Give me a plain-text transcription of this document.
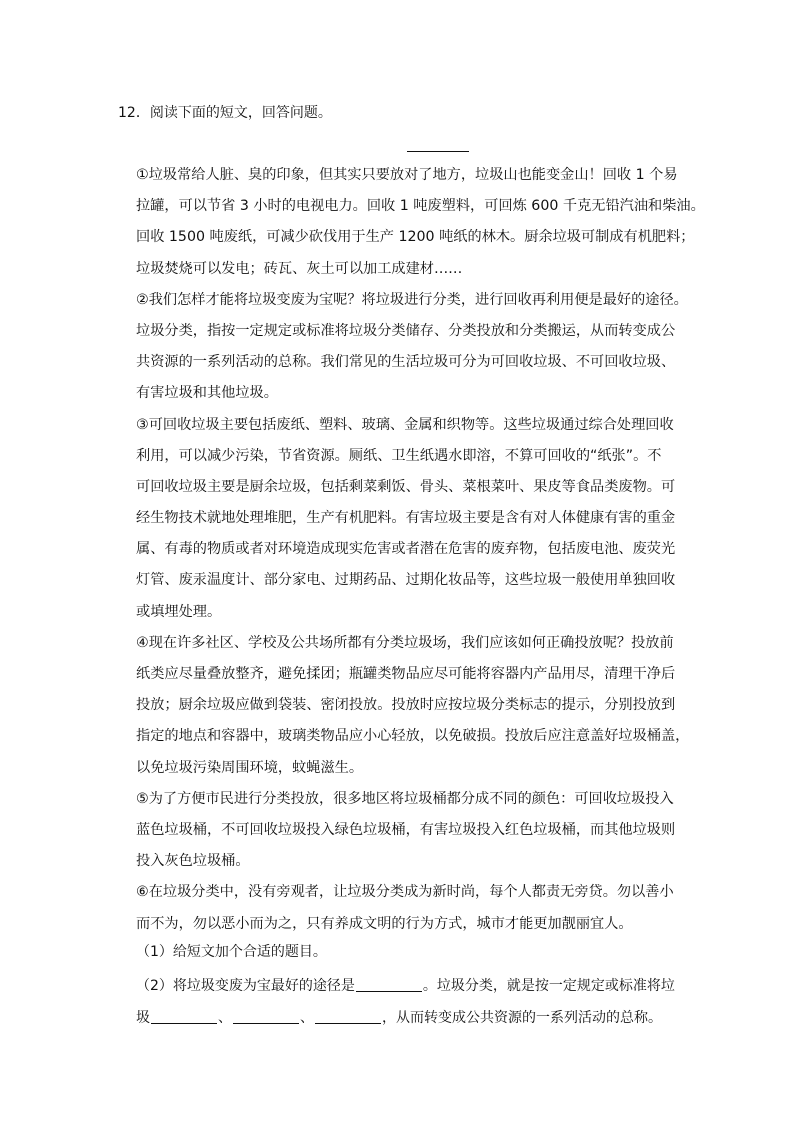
12．阅读下面的短文，回答问题。
①垃圾常给人脏、臭的印象，但其实只要放对了地方，垃圾山也能变金山！回收 1 个易
拉罐，可以节省 3 小时的电视电力。回收 1 吨废塑料，可回炼 600 千克无铅汽油和柴油。
回收 1500 吨废纸，可减少砍伐用于生产 1200 吨纸的林木。厨余垃圾可制成有机肥料；
垃圾焚烧可以发电；砖瓦、灰土可以加工成建材……
②我们怎样才能将垃圾变废为宝呢？将垃圾进行分类，进行回收再利用便是最好的途径。
垃圾分类，指按一定规定或标准将垃圾分类储存、分类投放和分类搬运，从而转变成公
共资源的一系列活动的总称。我们常见的生活垃圾可分为可回收垃圾、不可回收垃圾、
有害垃圾和其他垃圾。
③可回收垃圾主要包括废纸、塑料、玻璃、金属和织物等。这些垃圾通过综合处理回收
利用，可以减少污染，节省资源。厕纸、卫生纸遇水即溶，不算可回收的“纸张”。不
可回收垃圾主要是厨余垃圾，包括剩菜剩饭、骨头、菜根菜叶、果皮等食品类废物。可
经生物技术就地处理堆肥，生产有机肥料。有害垃圾主要是含有对人体健康有害的重金
属、有毒的物质或者对环境造成现实危害或者潜在危害的废弃物，包括废电池、废荧光
灯管、废汞温度计、部分家电、过期药品、过期化妆品等，这些垃圾一般使用单独回收
或填埋处理。
④现在许多社区、学校及公共场所都有分类垃圾场，我们应该如何正确投放呢？投放前
纸类应尽量叠放整齐，避免揉团；瓶罐类物品应尽可能将容器内产品用尽，清理干净后
投放；厨余垃圾应做到袋装、密闭投放。投放时应按垃圾分类标志的提示，分别投放到
指定的地点和容器中，玻璃类物品应小心轻放，以免破损。投放后应注意盖好垃圾桶盖，
以免垃圾污染周围环境，蚊蝇滋生。
⑤为了方便市民进行分类投放，很多地区将垃圾桶都分成不同的颜色：可回收垃圾投入
蓝色垃圾桶，不可回收垃圾投入绿色垃圾桶，有害垃圾投入红色垃圾桶，而其他垃圾则
投入灰色垃圾桶。
⑥在垃圾分类中，没有旁观者，让垃圾分类成为新时尚，每个人都责无旁贷。勿以善小
而不为，勿以恶小而为之，只有养成文明的行为方式，城市才能更加靓丽宜人。
（1）给短文加个合适的题目。
（2）将垃圾变废为宝最好的途径是	。垃圾分类，就是按一定规定或标准将垃
圾	、	、	，从而转变成公共资源的一系列活动的总称。
